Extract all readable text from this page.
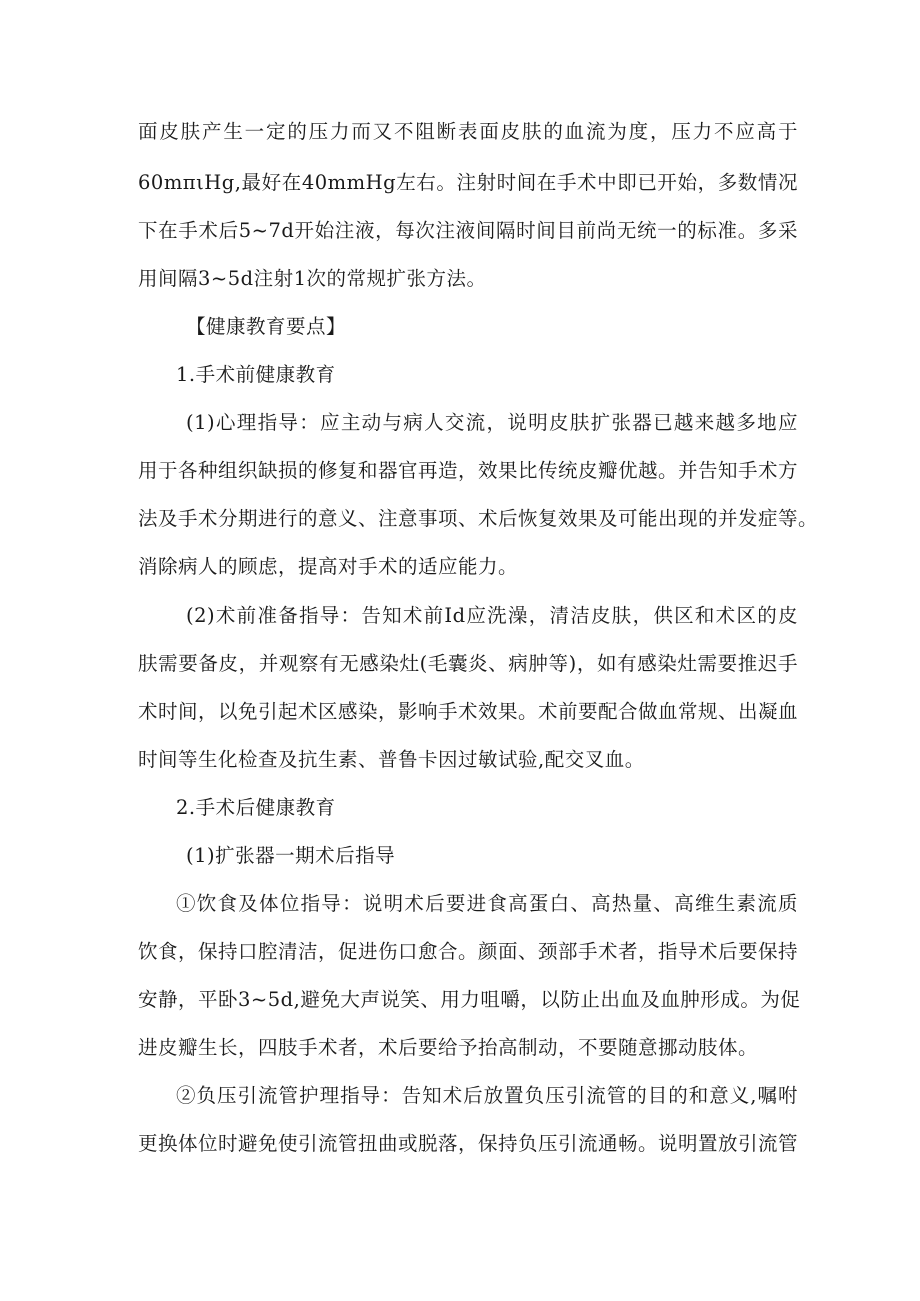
面皮肤产生一定的压力而又不阻断表面皮肤的血流为度，压力不应高于
60mπιHg,最好在40mmHg左右。注射时间在手术中即已开始，多数情况
下在手术后5~7d开始注液，每次注液间隔时间目前尚无统一的标准。多采
用间隔3~5d注射1次的常规扩张方法。
【健康教育要点】
1.手术前健康教育
(1)心理指导：应主动与病人交流，说明皮肤扩张器已越来越多地应
用于各种组织缺损的修复和器官再造，效果比传统皮瓣优越。并告知手术方
法及手术分期进行的意义、注意事项、术后恢复效果及可能出现的并发症等。
消除病人的顾虑，提高对手术的适应能力。
(2)术前准备指导：告知术前Id应洗澡，清洁皮肤，供区和术区的皮
肤需要备皮，并观察有无感染灶(毛囊炎、病肿等)，如有感染灶需要推迟手
术时间，以免引起术区感染，影响手术效果。术前要配合做血常规、出凝血
时间等生化检查及抗生素、普鲁卡因过敏试验,配交叉血。
2.手术后健康教育
(1)扩张器一期术后指导
①饮食及体位指导：说明术后要进食高蛋白、高热量、高维生素流质
饮食，保持口腔清洁，促进伤口愈合。颜面、颈部手术者，指导术后要保持
安静，平卧3~5d,避免大声说笑、用力咀嚼，以防止出血及血肿形成。为促
进皮瓣生长，四肢手术者，术后要给予抬高制动，不要随意挪动肢体。
②负压引流管护理指导：告知术后放置负压引流管的目的和意义,嘱咐
更换体位时避免使引流管扭曲或脱落，保持负压引流通畅。说明置放引流管
